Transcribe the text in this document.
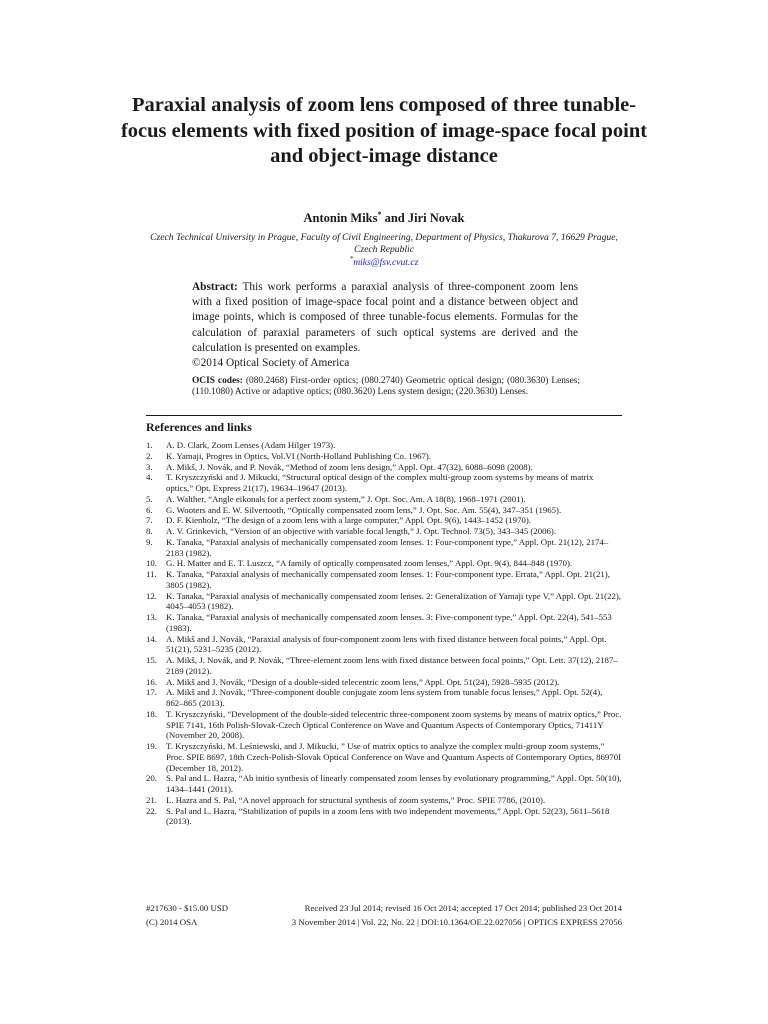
Paraxial analysis of zoom lens composed of three tunable-focus elements with fixed position of image-space focal point and object-image distance
Antonin Miks* and Jiri Novak
Czech Technical University in Prague, Faculty of Civil Engineering, Department of Physics, Thakurova 7, 16629 Prague, Czech Republic
*miks@fsv.cvut.cz
Abstract: This work performs a paraxial analysis of three-component zoom lens with a fixed position of image-space focal point and a distance between object and image points, which is composed of three tunable-focus elements. Formulas for the calculation of paraxial parameters of such optical systems are derived and the calculation is presented on examples.
©2014 Optical Society of America
OCIS codes: (080.2468) First-order optics; (080.2740) Geometric optical design; (080.3630) Lenses; (110.1080) Active or adaptive optics; (080.3620) Lens system design; (220.3630) Lenses.
References and links
1.	A. D. Clark, Zoom Lenses (Adam Hilger 1973).
2.	K. Yamaji, Progres in Optics, Vol.VI (North-Holland Publishing Co. 1967).
3.	A. Mikš, J. Novák, and P. Novák, “Method of zoom lens design,” Appl. Opt. 47(32), 6088–6098 (2008).
4.	T. Kryszczyński and J. Mikucki, “Structural optical design of the complex multi-group zoom systems by means of matrix optics,” Opt. Express 21(17), 19634–19647 (2013).
5.	A. Walther, “Angle eikonals for a perfect zoom system,” J. Opt. Soc. Am. A 18(8), 1968–1971 (2001).
6.	G. Wooters and E. W. Silvertooth, “Optically compensated zoom lens,” J. Opt. Soc. Am. 55(4), 347–351 (1965).
7.	D. F. Kienholz, “The design of a zoom lens with a large computer,” Appl. Opt. 9(6), 1443–1452 (1970).
8.	A. V. Grinkevich, “Version of an objective with variable focal length,” J. Opt. Technol. 73(5), 343–345 (2006).
9.	K. Tanaka, “Paraxial analysis of mechanically compensated zoom lenses. 1: Four-component type,” Appl. Opt. 21(12), 2174–2183 (1982).
10.	G. H. Matter and E. T. Luszcz, “A family of optically compensated zoom lenses,” Appl. Opt. 9(4), 844–848 (1970).
11.	K. Tanaka, “Paraxial analysis of mechanically compensated zoom lenses. 1: Four-component type. Errata,” Appl. Opt. 21(21), 3805 (1982).
12.	K. Tanaka, “Paraxial analysis of mechanically compensated zoom lenses. 2: Generalization of Yamaji type V,” Appl. Opt. 21(22), 4045–4053 (1982).
13.	K. Tanaka, “Paraxial analysis of mechanically compensated zoom lenses. 3: Five-component type,” Appl. Opt. 22(4), 541–553 (1983).
14.	A. Mikš and J. Novák, “Paraxial analysis of four-component zoom lens with fixed distance between focal points,” Appl. Opt. 51(21), 5231–5235 (2012).
15.	A. Mikš, J. Novák, and P. Novák, “Three-element zoom lens with fixed distance between focal points,” Opt. Lett. 37(12), 2187–2189 (2012).
16.	A. Mikš and J. Novák, “Design of a double-sided telecentric zoom lens,” Appl. Opt. 51(24), 5928–5935 (2012).
17.	A. Mikš and J. Novák, “Three-component double conjugate zoom lens system from tunable focus lenses,” Appl. Opt. 52(4), 862–865 (2013).
18.	T. Kryszczyński, “Development of the double-sided telecentric three-component zoom systems by means of matrix optics,” Proc. SPIE 7141, 16th Polish-Slovak-Czech Optical Conference on Wave and Quantum Aspects of Contemporary Optics, 71411Y (November 20, 2008).
19.	T. Kryszczyński, M. Leśniewski, and J. Mikucki, ” Use of matrix optics to analyze the complex multi-group zoom systems,” Proc. SPIE 8697, 18th Czech-Polish-Slovak Optical Conference on Wave and Quantum Aspects of Contemporary Optics, 86970I (December 18, 2012).
20.	S. Pal and L. Hazra, “Ab initio synthesis of linearly compensated zoom lenses by evolutionary programming,” Appl. Opt. 50(10), 1434–1441 (2011).
21.	L. Hazra and S. Pal, “A novel approach for structural synthesis of zoom systems,” Proc. SPIE 7786, (2010).
22.	S. Pal and L. Hazra, “Stabilization of pupils in a zoom lens with two independent movements,” Appl. Opt. 52(23), 5611–5618 (2013).
#217630 - $15.00 USD	Received 23 Jul 2014; revised 16 Oct 2014; accepted 17 Oct 2014; published 23 Oct 2014
(C) 2014 OSA	3 November 2014 | Vol. 22, No. 22 | DOI:10.1364/OE.22.027056 | OPTICS EXPRESS 27056
